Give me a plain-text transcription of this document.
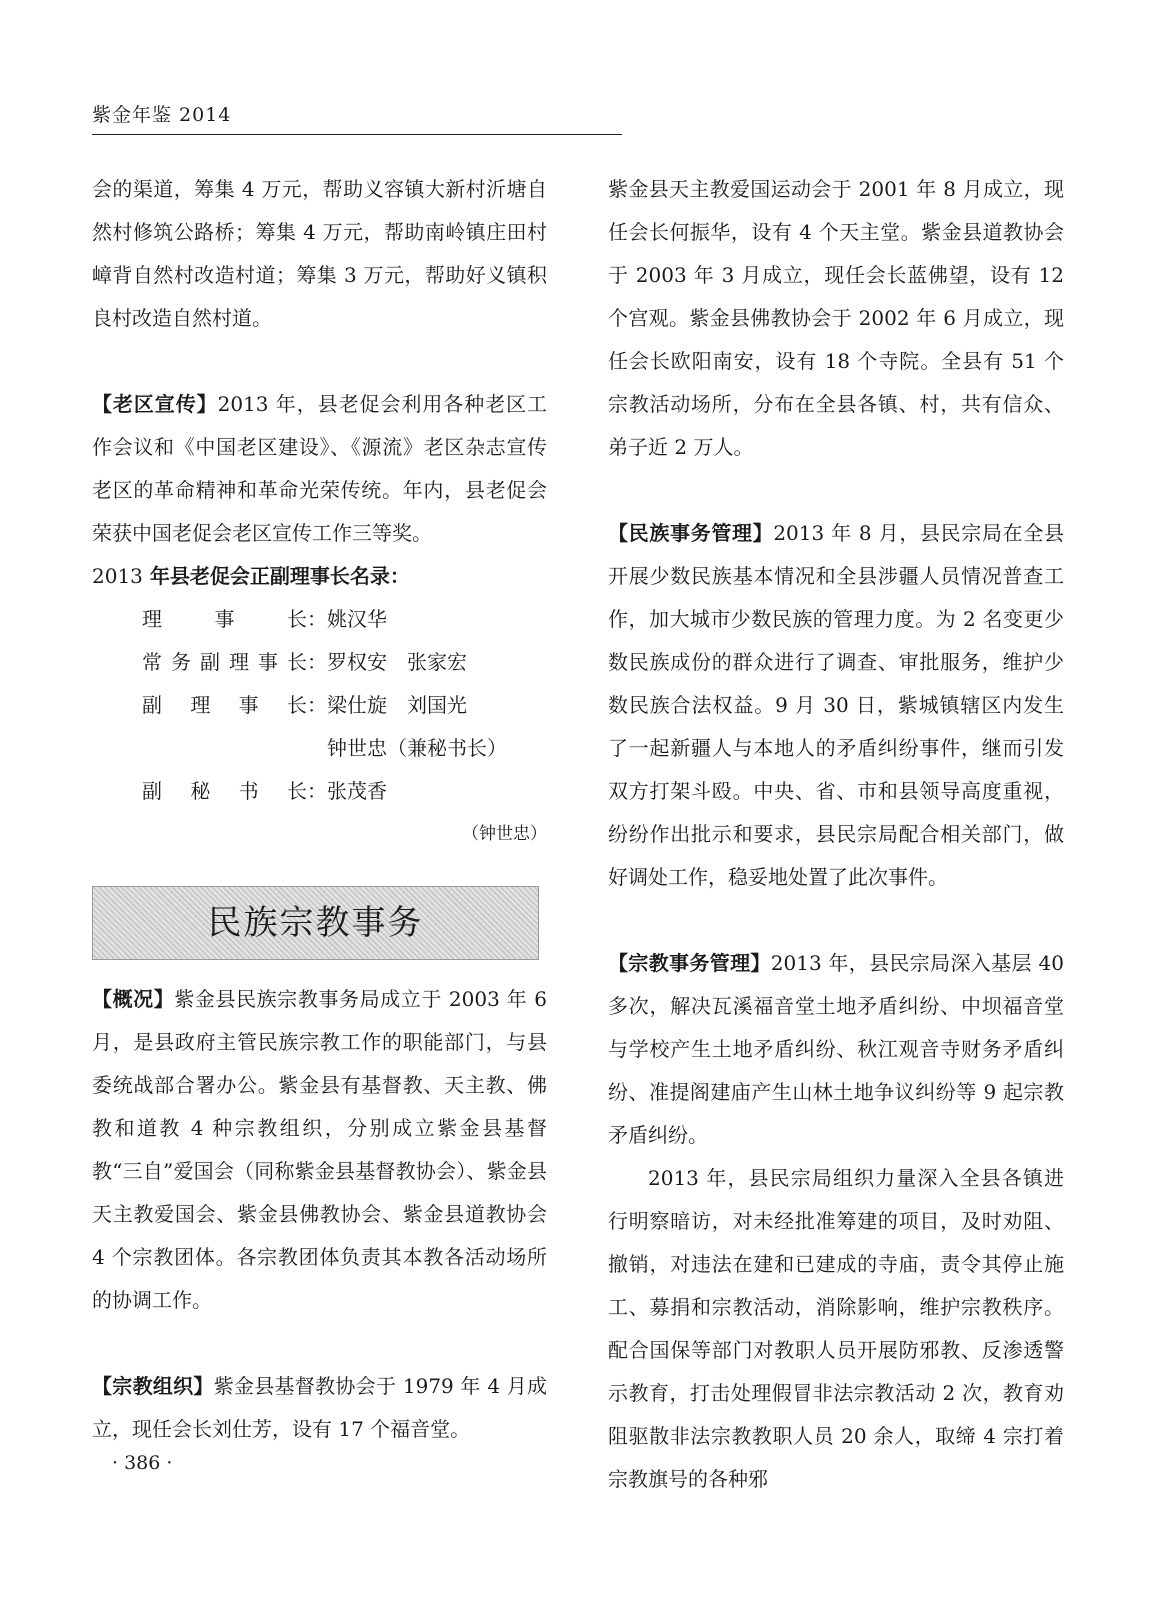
紫金年鉴 2014

会的渠道，筹集 4 万元，帮助义容镇大新村沂塘自然村修筑公路桥；筹集 4 万元，帮助南岭镇庄田村嶂背自然村改造村道；筹集 3 万元，帮助好义镇积良村改造自然村道。

【老区宣传】2013 年，县老促会利用各种老区工作会议和《中国老区建设》、《源流》老区杂志宣传老区的革命精神和革命光荣传统。年内，县老促会荣获中国老促会老区宣传工作三等奖。

2013 年县老促会正副理事长名录：

理事长 ： 姚汉华
常务副理事长 ： 罗权安　张家宏
副理事长 ： 梁仕旋　刘国光
钟世忠（兼秘书长）
副秘书长 ： 张茂香

（钟世忠）

民族宗教事务

【概况】紫金县民族宗教事务局成立于 2003 年 6 月，是县政府主管民族宗教工作的职能部门，与县委统战部合署办公。紫金县有基督教、天主教、佛教和道教 4 种宗教组织，分别成立紫金县基督教“三自”爱国会（同称紫金县基督教协会）、紫金县天主教爱国会、紫金县佛教协会、紫金县道教协会 4 个宗教团体。各宗教团体负责其本教各活动场所的协调工作。

【宗教组织】紫金县基督教协会于 1979 年 4 月成立，现任会长刘仕芳，设有 17 个福音堂。

紫金县天主教爱国运动会于 2001 年 8 月成立，现任会长何振华，设有 4 个天主堂。紫金县道教协会于 2003 年 3 月成立，现任会长蓝佛望，设有 12 个宫观。紫金县佛教协会于 2002 年 6 月成立，现任会长欧阳南安，设有 18 个寺院。全县有 51 个宗教活动场所，分布在全县各镇、村，共有信众、弟子近 2 万人。

【民族事务管理】2013 年 8 月，县民宗局在全县开展少数民族基本情况和全县涉疆人员情况普查工作，加大城市少数民族的管理力度。为 2 名变更少数民族成份的群众进行了调查、审批服务，维护少数民族合法权益。9 月 30 日，紫城镇辖区内发生了一起新疆人与本地人的矛盾纠纷事件，继而引发双方打架斗殴。中央、省、市和县领导高度重视，纷纷作出批示和要求，县民宗局配合相关部门，做好调处工作，稳妥地处置了此次事件。

【宗教事务管理】2013 年，县民宗局深入基层 40 多次，解决瓦溪福音堂土地矛盾纠纷、中坝福音堂与学校产生土地矛盾纠纷、秋江观音寺财务矛盾纠纷、准提阁建庙产生山林土地争议纠纷等 9 起宗教矛盾纠纷。

2013 年，县民宗局组织力量深入全县各镇进行明察暗访，对未经批准筹建的项目，及时劝阻、撤销，对违法在建和已建成的寺庙，责令其停止施工、募捐和宗教活动，消除影响，维护宗教秩序。配合国保等部门对教职人员开展防邪教、反渗透警示教育，打击处理假冒非法宗教活动 2 次，教育劝阻驱散非法宗教教职人员 20 余人，取缔 4 宗打着宗教旗号的各种邪

· 386 ·
